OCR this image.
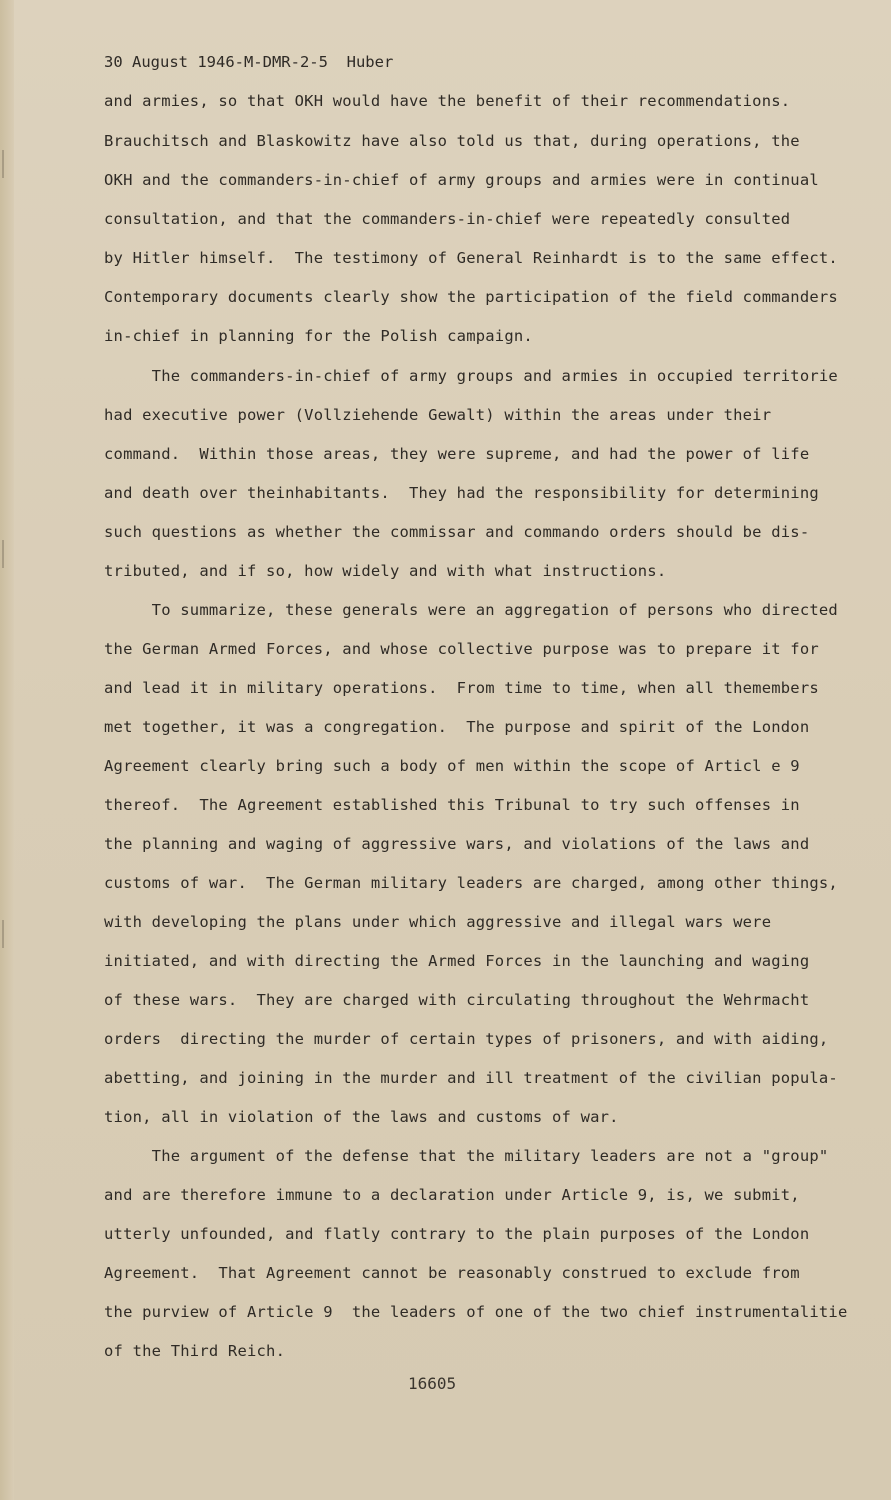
30 August 1946-M-DMR-2-5  Huber
and armies, so that OKH would have the benefit of their recommendations.
Brauchitsch and Blaskowitz have also told us that, during operations, the
OKH and the commanders-in-chief of army groups and armies were in continual
consultation, and that the commanders-in-chief were repeatedly consulted
by Hitler himself.  The testimony of General Reinhardt is to the same effect.
Contemporary documents clearly show the participation of the field commanders
in-chief in planning for the Polish campaign.
The commanders-in-chief of army groups and armies in occupied territorie
had executive power (Vollziehende Gewalt) within the areas under their
command.  Within those areas, they were supreme, and had the power of life
and death over theinhabitants.  They had the responsibility for determining
such questions as whether the commissar and commando orders should be dis-
tributed, and if so, how widely and with what instructions.
To summarize, these generals were an aggregation of persons who directed
the German Armed Forces, and whose collective purpose was to prepare it for
and lead it in military operations.  From time to time, when all themembers
met together, it was a congregation.  The purpose and spirit of the London
Agreement clearly bring such a body of men within the scope of Articl e 9
thereof.  The Agreement established this Tribunal to try such offenses in
the planning and waging of aggressive wars, and violations of the laws and
customs of war.  The German military leaders are charged, among other things,
with developing the plans under which aggressive and illegal wars were
initiated, and with directing the Armed Forces in the launching and waging
of these wars.  They are charged with circulating throughout the Wehrmacht
orders  directing the murder of certain types of prisoners, and with aiding,
abetting, and joining in the murder and ill treatment of the civilian popula-
tion, all in violation of the laws and customs of war.
The argument of the defense that the military leaders are not a "group"
and are therefore immune to a declaration under Article 9, is, we submit,
utterly unfounded, and flatly contrary to the plain purposes of the London
Agreement.  That Agreement cannot be reasonably construed to exclude from
the purview of Article 9  the leaders of one of the two chief instrumentalitie
of the Third Reich.
16605
